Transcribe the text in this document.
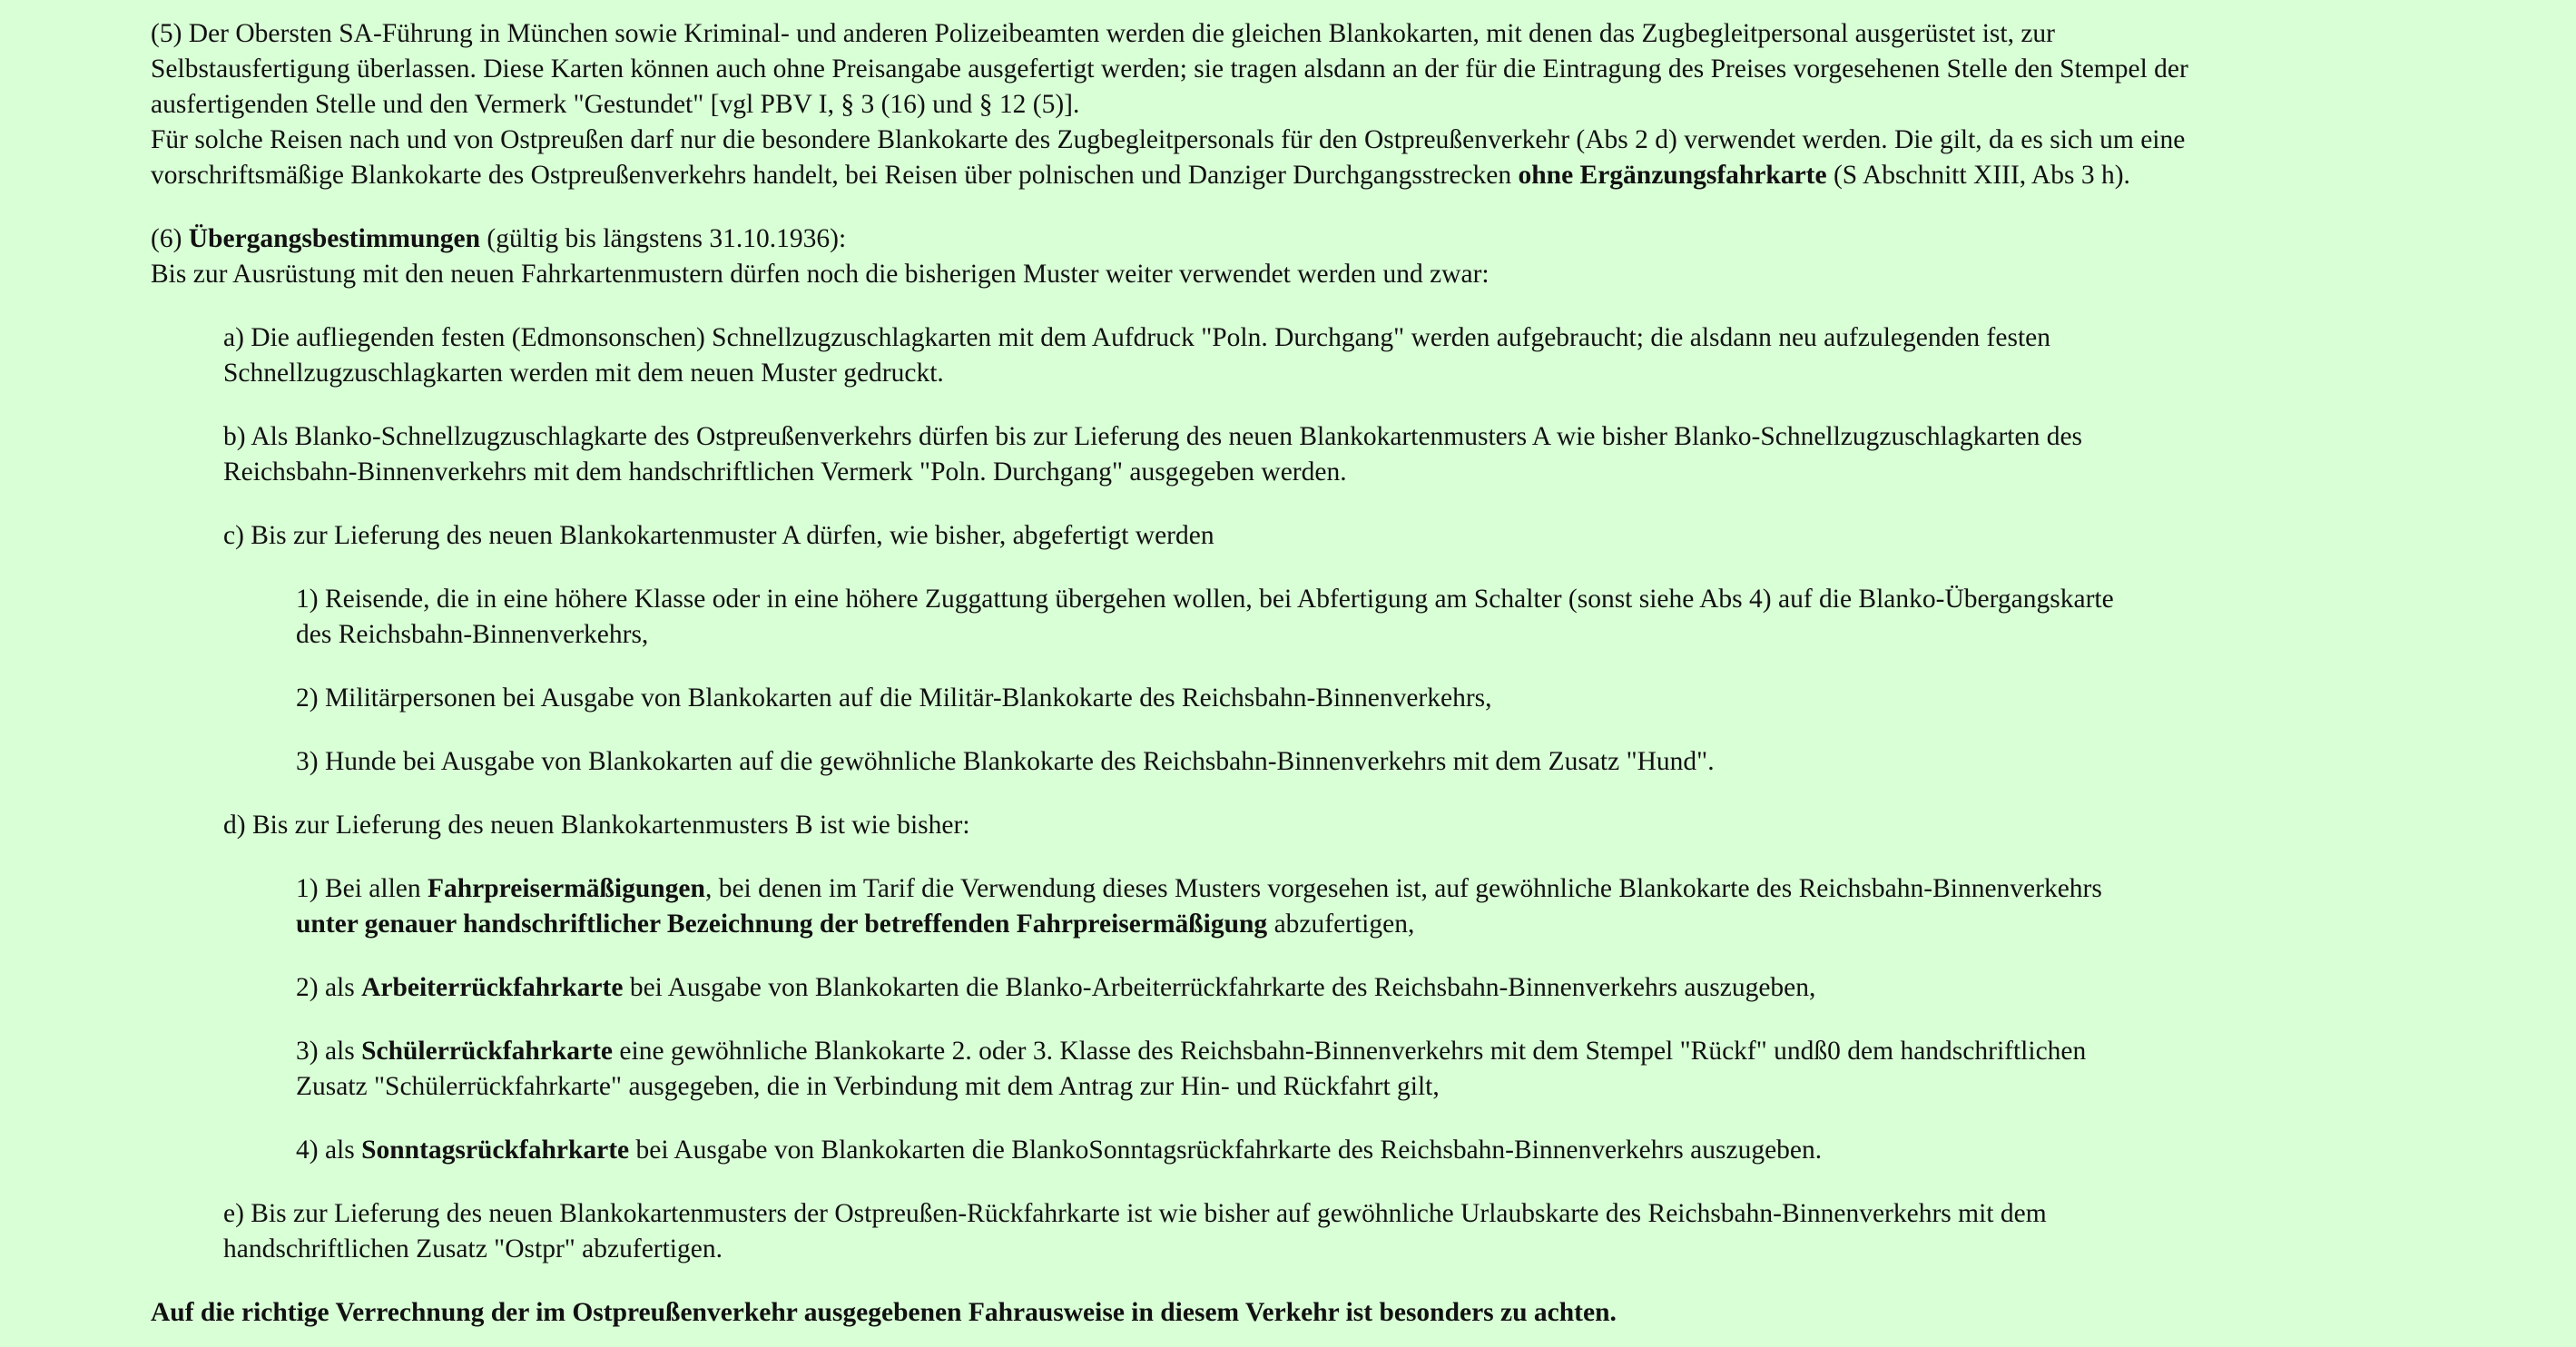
(5) Der Obersten SA-Führung in München sowie Kriminal- und anderen Polizeibeamten werden die gleichen Blankokarten, mit denen das Zugbegleitpersonal ausgerüstet ist, zur
Selbstausfertigung überlassen. Diese Karten können auch ohne Preisangabe ausgefertigt werden; sie tragen alsdann an der für die Eintragung des Preises vorgesehenen Stelle den Stempel der
ausfertigenden Stelle und den Vermerk "Gestundet" [vgl PBV I, § 3 (16) und § 12 (5)].
Für solche Reisen nach und von Ostpreußen darf nur die besondere Blankokarte des Zugbegleitpersonals für den Ostpreußenverkehr (Abs 2 d) verwendet werden. Die gilt, da es sich um eine
vorschriftsmäßige Blankokarte des Ostpreußenverkehrs handelt, bei Reisen über polnischen und Danziger Durchgangsstrecken ohne Ergänzungsfahrkarte (S Abschnitt XIII, Abs 3 h).

(6) Übergangsbestimmungen (gültig bis längstens 31.10.1936):
Bis zur Ausrüstung mit den neuen Fahrkartenmustern dürfen noch die bisherigen Muster weiter verwendet werden und zwar:

a) Die aufliegenden festen (Edmonsonschen) Schnellzugzuschlagkarten mit dem Aufdruck "Poln. Durchgang" werden aufgebraucht; die alsdann neu aufzulegenden festen
Schnellzugzuschlagkarten werden mit dem neuen Muster gedruckt.

b) Als Blanko-Schnellzugzuschlagkarte des Ostpreußenverkehrs dürfen bis zur Lieferung des neuen Blankokartenmusters A wie bisher Blanko-Schnellzugzuschlagkarten des
Reichsbahn-Binnenverkehrs mit dem handschriftlichen Vermerk "Poln. Durchgang" ausgegeben werden.

c) Bis zur Lieferung des neuen Blankokartenmuster A dürfen, wie bisher, abgefertigt werden

1) Reisende, die in eine höhere Klasse oder in eine höhere Zuggattung übergehen wollen, bei Abfertigung am Schalter (sonst siehe Abs 4) auf die Blanko-Übergangskarte
des Reichsbahn-Binnenverkehrs,

2) Militärpersonen bei Ausgabe von Blankokarten auf die Militär-Blankokarte des Reichsbahn-Binnenverkehrs,

3) Hunde bei Ausgabe von Blankokarten auf die gewöhnliche Blankokarte des Reichsbahn-Binnenverkehrs mit dem Zusatz "Hund".

d) Bis zur Lieferung des neuen Blankokartenmusters B ist wie bisher:

1) Bei allen Fahrpreisermäßigungen, bei denen im Tarif die Verwendung dieses Musters vorgesehen ist, auf gewöhnliche Blankokarte des Reichsbahn-Binnenverkehrs
unter genauer handschriftlicher Bezeichnung der betreffenden Fahrpreisermäßigung abzufertigen,

2) als Arbeiterrückfahrkarte bei Ausgabe von Blankokarten die Blanko-Arbeiterrückfahrkarte des Reichsbahn-Binnenverkehrs auszugeben,

3) als Schülerrückfahrkarte eine gewöhnliche Blankokarte 2. oder 3. Klasse des Reichsbahn-Binnenverkehrs mit dem Stempel "Rückf" undß0 dem handschriftlichen
Zusatz "Schülerrückfahrkarte" ausgegeben, die in Verbindung mit dem Antrag zur Hin- und Rückfahrt gilt,

4) als Sonntagsrückfahrkarte bei Ausgabe von Blankokarten die BlankoSonntagsrückfahrkarte des Reichsbahn-Binnenverkehrs auszugeben.

e) Bis zur Lieferung des neuen Blankokartenmusters der Ostpreußen-Rückfahrkarte ist wie bisher auf gewöhnliche Urlaubskarte des Reichsbahn-Binnenverkehrs mit dem
handschriftlichen Zusatz "Ostpr" abzufertigen.

Auf die richtige Verrechnung der im Ostpreußenverkehr ausgegebenen Fahrausweise in diesem Verkehr ist besonders zu achten.
